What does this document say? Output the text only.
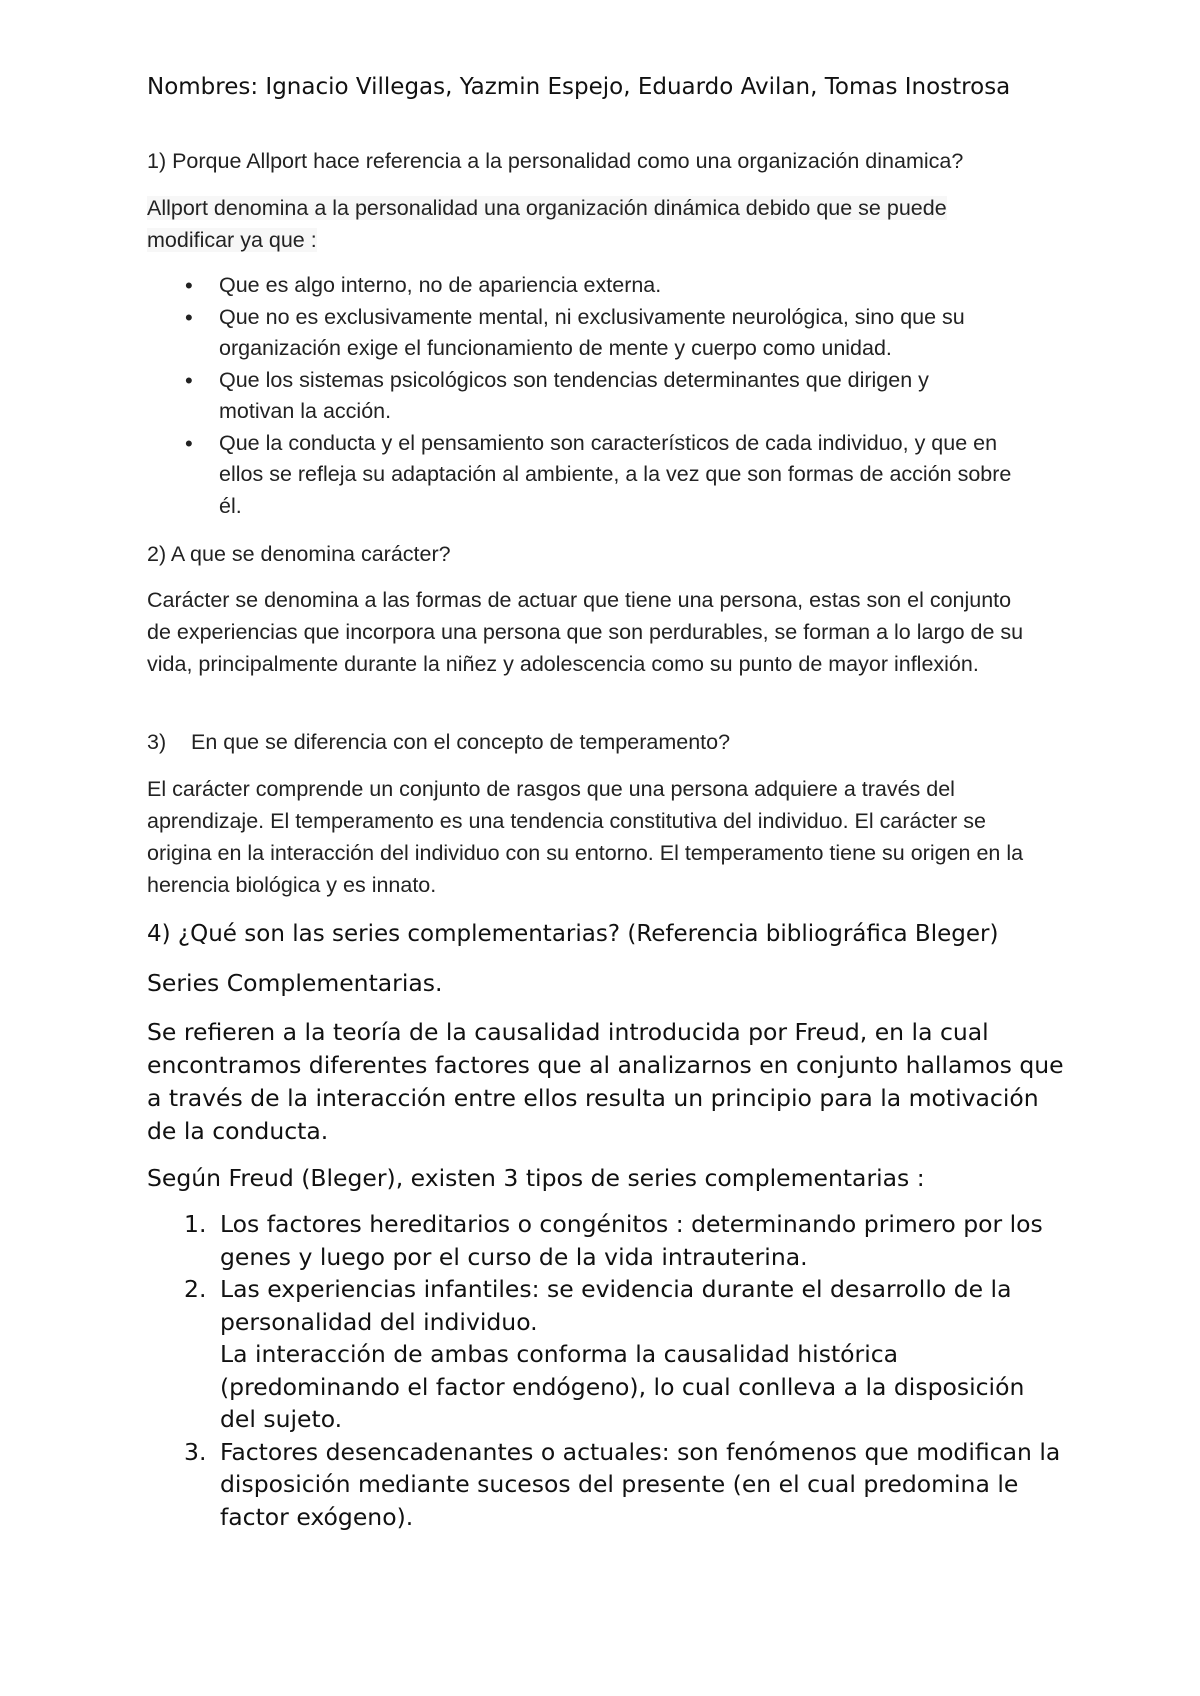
Nombres: Ignacio Villegas, Yazmin Espejo, Eduardo Avilan, Tomas Inostrosa
1) Porque Allport hace referencia a la personalidad como una organización dinamica?
Allport denomina a la personalidad una organización dinámica debido que se puede
modificar ya que :
• Que es algo interno, no de apariencia externa.
• Que no es exclusivamente mental, ni exclusivamente neurológica, sino que su organización exige el funcionamiento de mente y cuerpo como unidad.
• Que los sistemas psicológicos son tendencias determinantes que dirigen y motivan la acción.
• Que la conducta y el pensamiento son característicos de cada individuo, y que en ellos se refleja su adaptación al ambiente, a la vez que son formas de acción sobre él.
2) A que se denomina carácter?
Carácter se denomina a las formas de actuar que tiene una persona, estas son el conjunto de experiencias que incorpora una persona que son perdurables, se forman a lo largo de su vida, principalmente durante la niñez y adolescencia como su punto de mayor inflexión.
3) En que se diferencia con el concepto de temperamento?
El carácter comprende un conjunto de rasgos que una persona adquiere a través del aprendizaje. El temperamento es una tendencia constitutiva del individuo. El carácter se origina en la interacción del individuo con su entorno. El temperamento tiene su origen en la herencia biológica y es innato.
4) ¿Qué son las series complementarias? (Referencia bibliográfica Bleger)
Series Complementarias.
Se refieren a la teoría de la causalidad introducida por Freud, en la cual encontramos diferentes factores que al analizarnos en conjunto hallamos que a través de la interacción entre ellos resulta un principio para la motivación de la conducta.
Según Freud (Bleger), existen 3 tipos de series complementarias :
1. Los factores hereditarios o congénitos : determinando primero por los genes y luego por el curso de la vida intrauterina.
2. Las experiencias infantiles: se evidencia durante el desarrollo de la personalidad del individuo.
La interacción de ambas conforma la causalidad histórica (predominando el factor endógeno), lo cual conlleva a la disposición del sujeto.
3. Factores desencadenantes o actuales: son fenómenos que modifican la disposición mediante sucesos del presente (en el cual predomina le factor exógeno).
